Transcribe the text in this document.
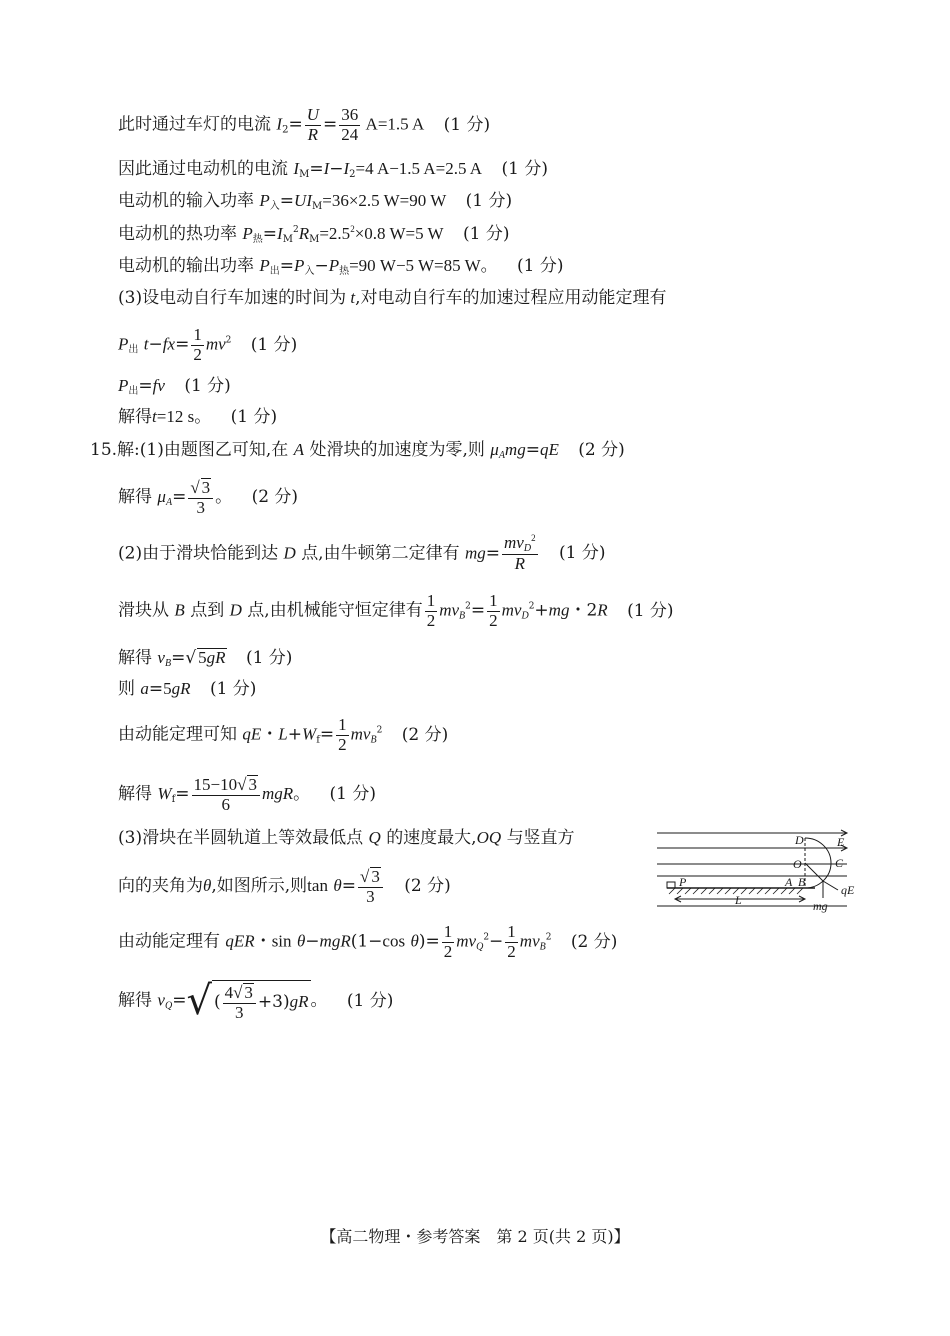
此时通过车灯的电流 $I_2= \frac{U}{R} = \frac{36}{24} A=1.5$ A (1 分)
因此通过电动机的电流 $I_M=I-I_2=4$ A−1.5 A=2.5 A (1 分)
电动机的输入功率 $P_入=UI_M=36\times 2.5$ W=90 W (1 分)
电动机的热功率 $P_热=I_M^2R_M=2.5^2\times 0.8$ W=5 W (1 分)
电动机的输出功率 $P_出=P_入-P_热=90$ W−5 W=85 W。 (1 分)
(3)设电动自行车加速的时间为 t,对电动自行车的加速过程应用动能定理有
$P_出$ $t-fx= \frac{1}{2} mv^2$ (1 分)
$P_出=fv$ (1 分)
解得t=12 s。 (1 分)
15.解:(1)由题图乙可知,在 A 处滑块的加速度为零,则 $\mu_Amg=qE$ (2 分)
解得 $\mu_A= \frac{√ 3}{3}$ 。 (2 分)
(2)由于滑块恰能到达 D 点,由牛顿第二定律有 $mg= \frac{mv_D^2}{R} (1$ 分)
滑块从 B 点到 D 点,由机械能守恒定律有 $\frac{1}{2} mv_B^2= \frac{1}{2} mv_D^2+mg$・2R (1 分)
解得 $v_B=√$ 5gR (1 分)
则 a=5gR (1 分)
由动能定理可知 qE・$L+W_f= \frac{1}{2} mv_B^2$ (2 分)
解得 $W_f= \frac{15-10√ 3}{6}$ mgR。 (1 分)
(3)滑块在半圆轨道上等效最低点 Q 的速度最大,OQ 与竖直方
向的夹角为θ,如图所示,则$\tan \theta= \frac{√ 3}{3} (2$ 分)
由动能定理有 qER・sin θ−mgR(1−cos $\theta)= \frac{1}{2} mv_Q^2- \frac{1}{2} mv_B^2$ (2 分)
解得 $v_Q=√$ ( $\frac{4√ 3}{3} +3)gR$ 。 (1 分)
D	E
O	C
P	A B
L	mg
qE
【高二物理・参考答案　第 2 页(共 2 页)】
